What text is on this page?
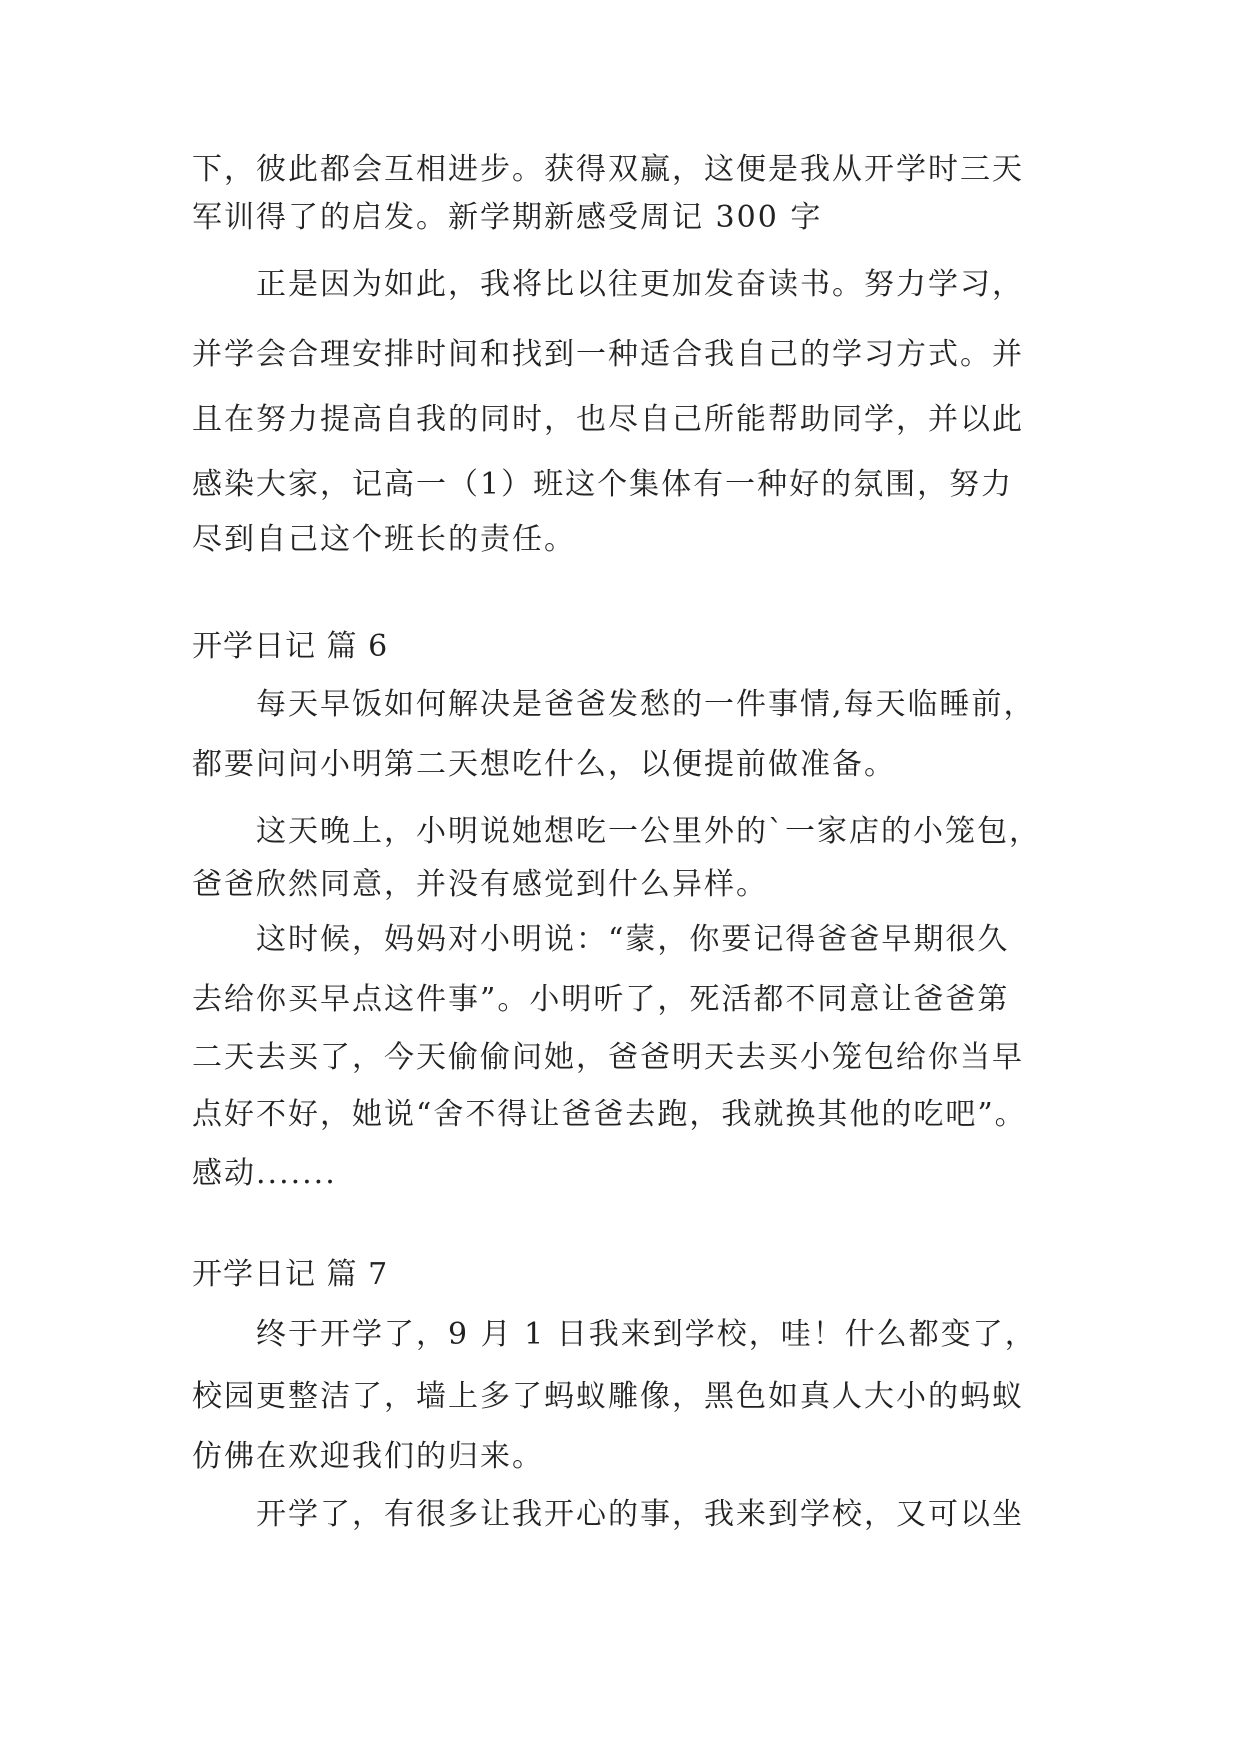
下，彼此都会互相进步。获得双赢，这便是我从开学时三天
军训得了的启发。新学期新感受周记 300 字
正是因为如此，我将比以往更加发奋读书。努力学习，
并学会合理安排时间和找到一种适合我自己的学习方式。并
且在努力提高自我的同时，也尽自己所能帮助同学，并以此
感染大家，记高一（1）班这个集体有一种好的氛围，努力
尽到自己这个班长的责任。
开学日记 篇 6
每天早饭如何解决是爸爸发愁的一件事情,每天临睡前，
都要问问小明第二天想吃什么，以便提前做准备。
这天晚上，小明说她想吃一公里外的`一家店的小笼包，
爸爸欣然同意，并没有感觉到什么异样。
这时候，妈妈对小明说：“蒙，你要记得爸爸早期很久
去给你买早点这件事”。小明听了，死活都不同意让爸爸第
二天去买了，今天偷偷问她，爸爸明天去买小笼包给你当早
点好不好，她说“舍不得让爸爸去跑，我就换其他的吃吧”。
感动.......
开学日记 篇 7
终于开学了，9 月 1 日我来到学校，哇！什么都变了，
校园更整洁了，墙上多了蚂蚁雕像，黑色如真人大小的蚂蚁
仿佛在欢迎我们的归来。
开学了，有很多让我开心的事，我来到学校，又可以坐
